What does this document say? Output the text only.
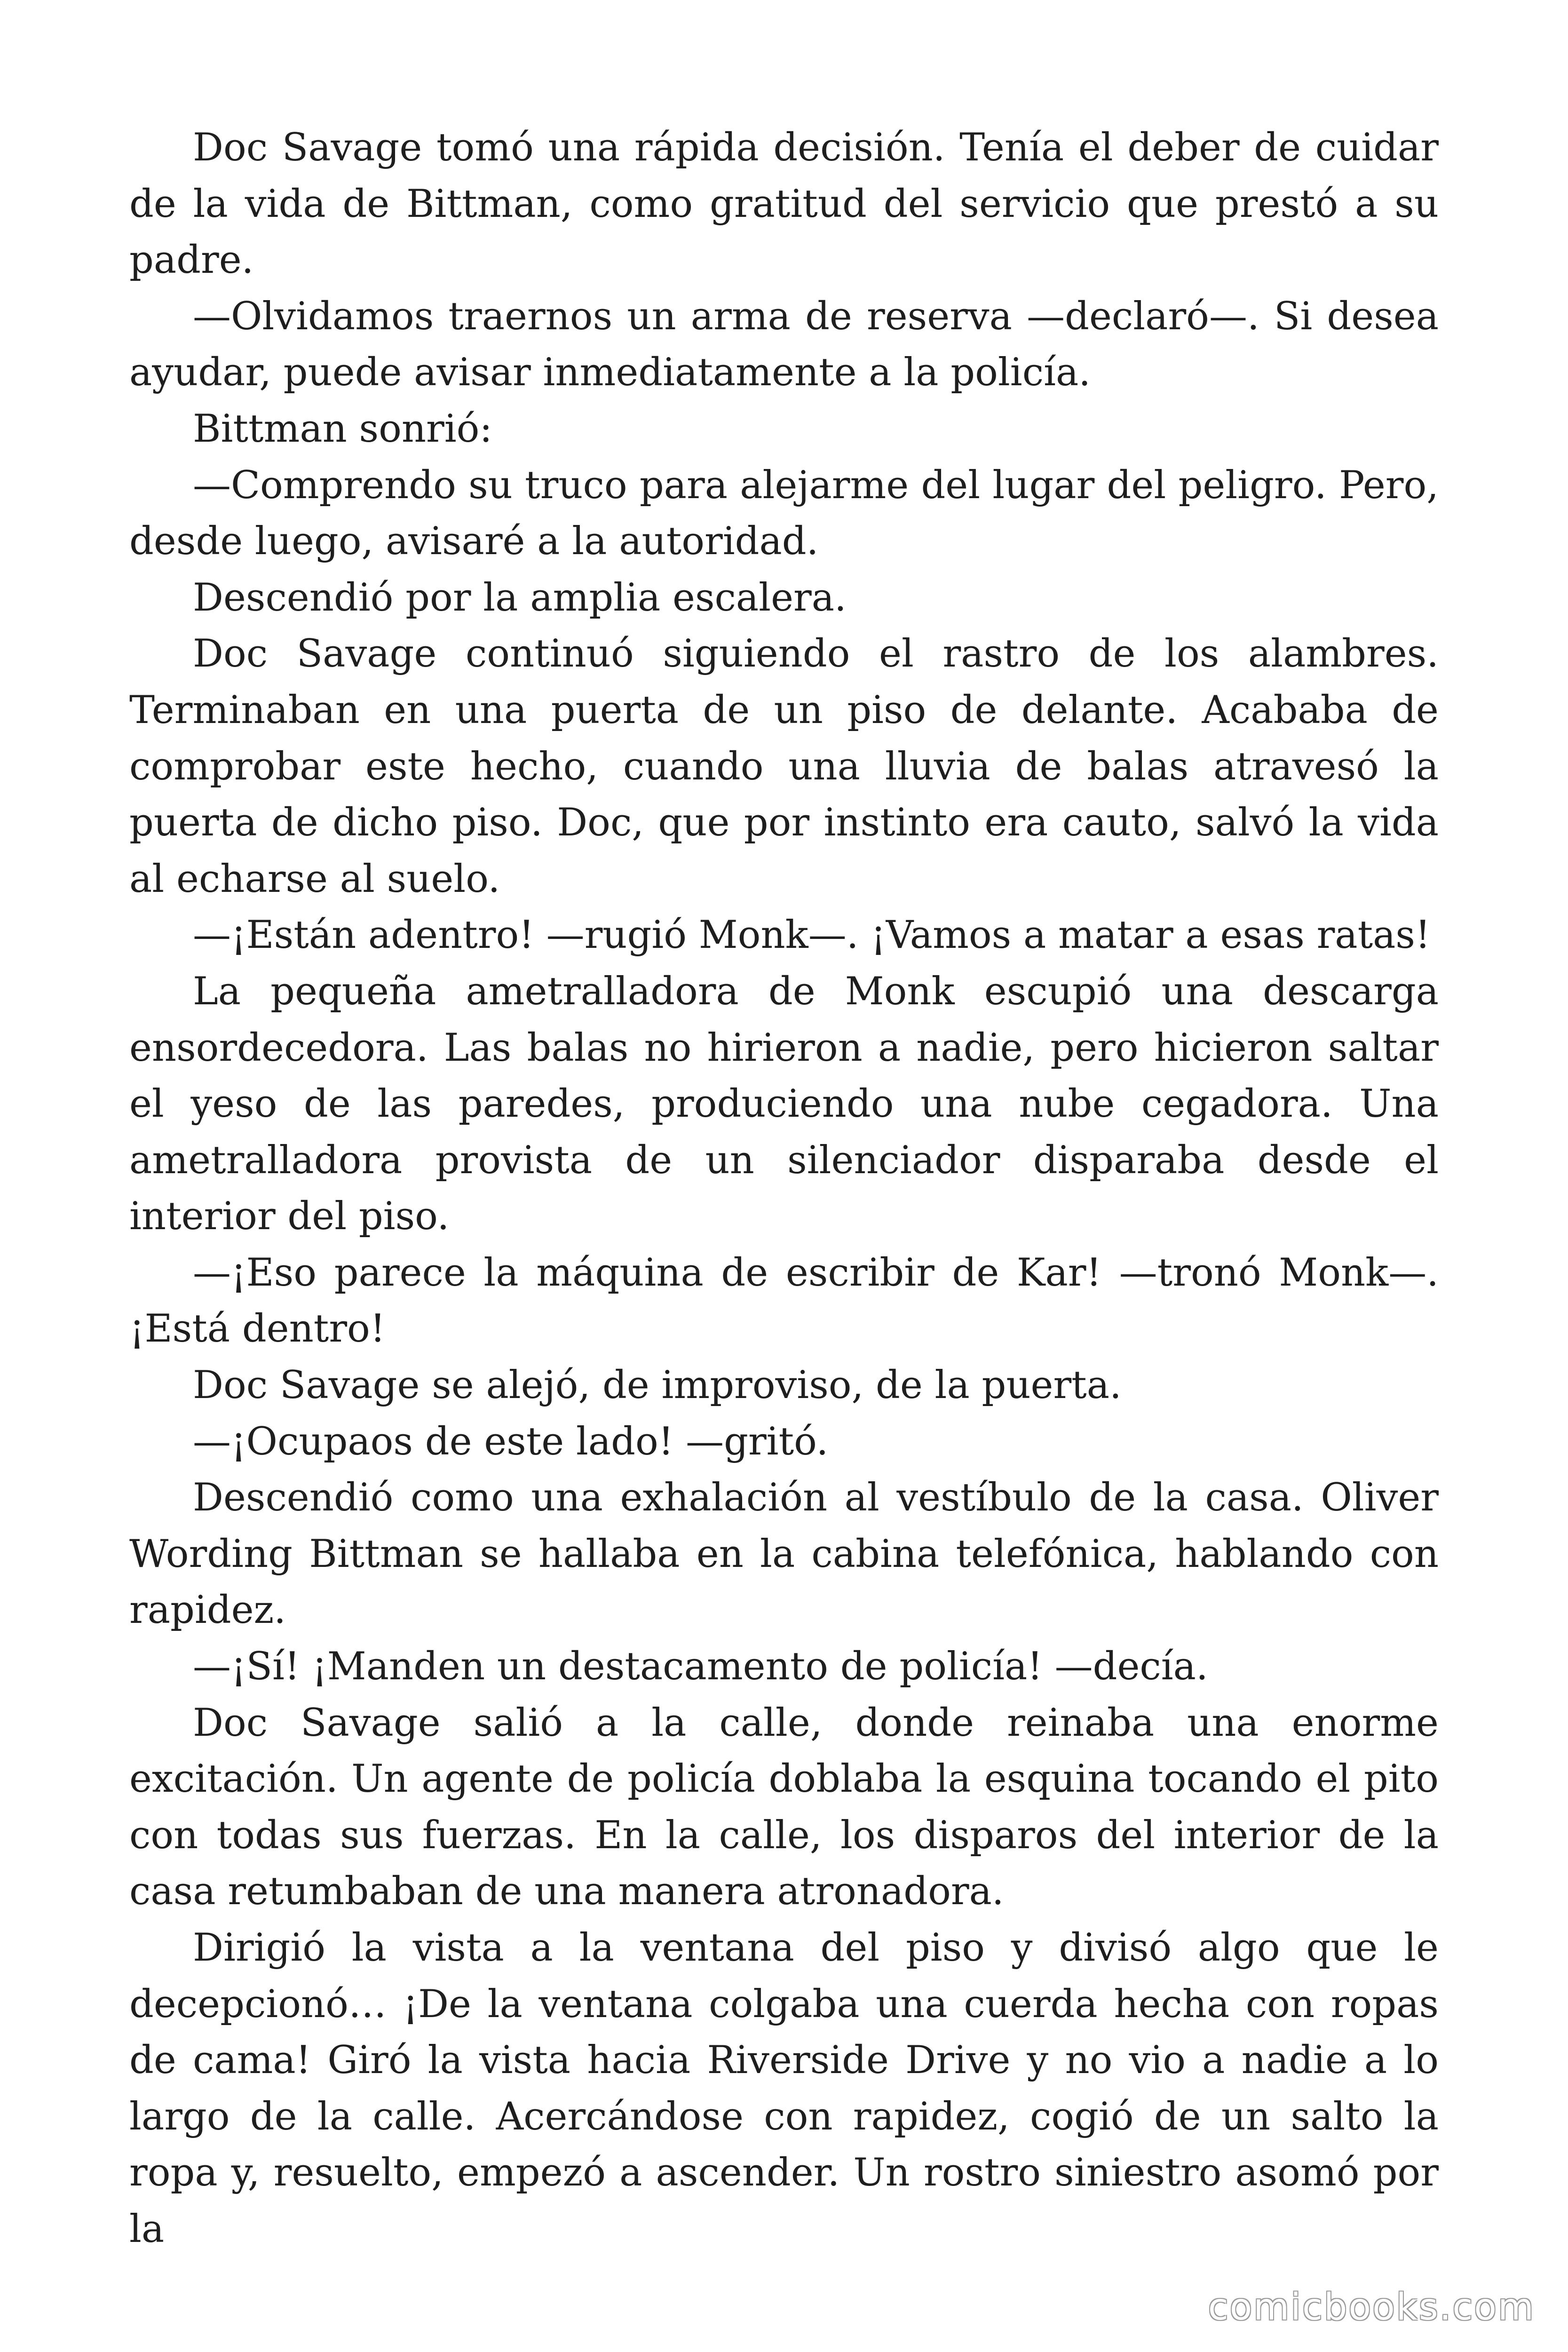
Doc Savage tomó una rápida decisión. Tenía el deber de cuidar de la vida de Bittman, como gratitud del servicio que prestó a su padre.

—Olvidamos traernos un arma de reserva —declaró—. Si desea ayudar, puede avisar inmediatamente a la policía.

Bittman sonrió:

—Comprendo su truco para alejarme del lugar del peligro. Pero, desde luego, avisaré a la autoridad.

Descendió por la amplia escalera.

Doc Savage continuó siguiendo el rastro de los alambres. Terminaban en una puerta de un piso de delante. Acababa de comprobar este hecho, cuando una lluvia de balas atravesó la puerta de dicho piso. Doc, que por instinto era cauto, salvó la vida al echarse al suelo.

—¡Están adentro! —rugió Monk—. ¡Vamos a matar a esas ratas!

La pequeña ametralladora de Monk escupió una descarga ensordecedora. Las balas no hirieron a nadie, pero hicieron saltar el yeso de las paredes, produciendo una nube cegadora. Una ametralladora provista de un silenciador disparaba desde el interior del piso.

—¡Eso parece la máquina de escribir de Kar! —tronó Monk—. ¡Está dentro!

Doc Savage se alejó, de improviso, de la puerta.

—¡Ocupaos de este lado! —gritó.

Descendió como una exhalación al vestíbulo de la casa. Oliver Wording Bittman se hallaba en la cabina telefónica, hablando con rapidez.

—¡Sí! ¡Manden un destacamento de policía! —decía.

Doc Savage salió a la calle, donde reinaba una enorme excitación. Un agente de policía doblaba la esquina tocando el pito con todas sus fuerzas. En la calle, los disparos del interior de la casa retumbaban de una manera atronadora.

Dirigió la vista a la ventana del piso y divisó algo que le decepcionó… ¡De la ventana colgaba una cuerda hecha con ropas de cama! Giró la vista hacia Riverside Drive y no vio a nadie a lo largo de la calle. Acercándose con rapidez, cogió de un salto la ropa y, resuelto, empezó a ascender. Un rostro siniestro asomó por la

comicbooks.com
